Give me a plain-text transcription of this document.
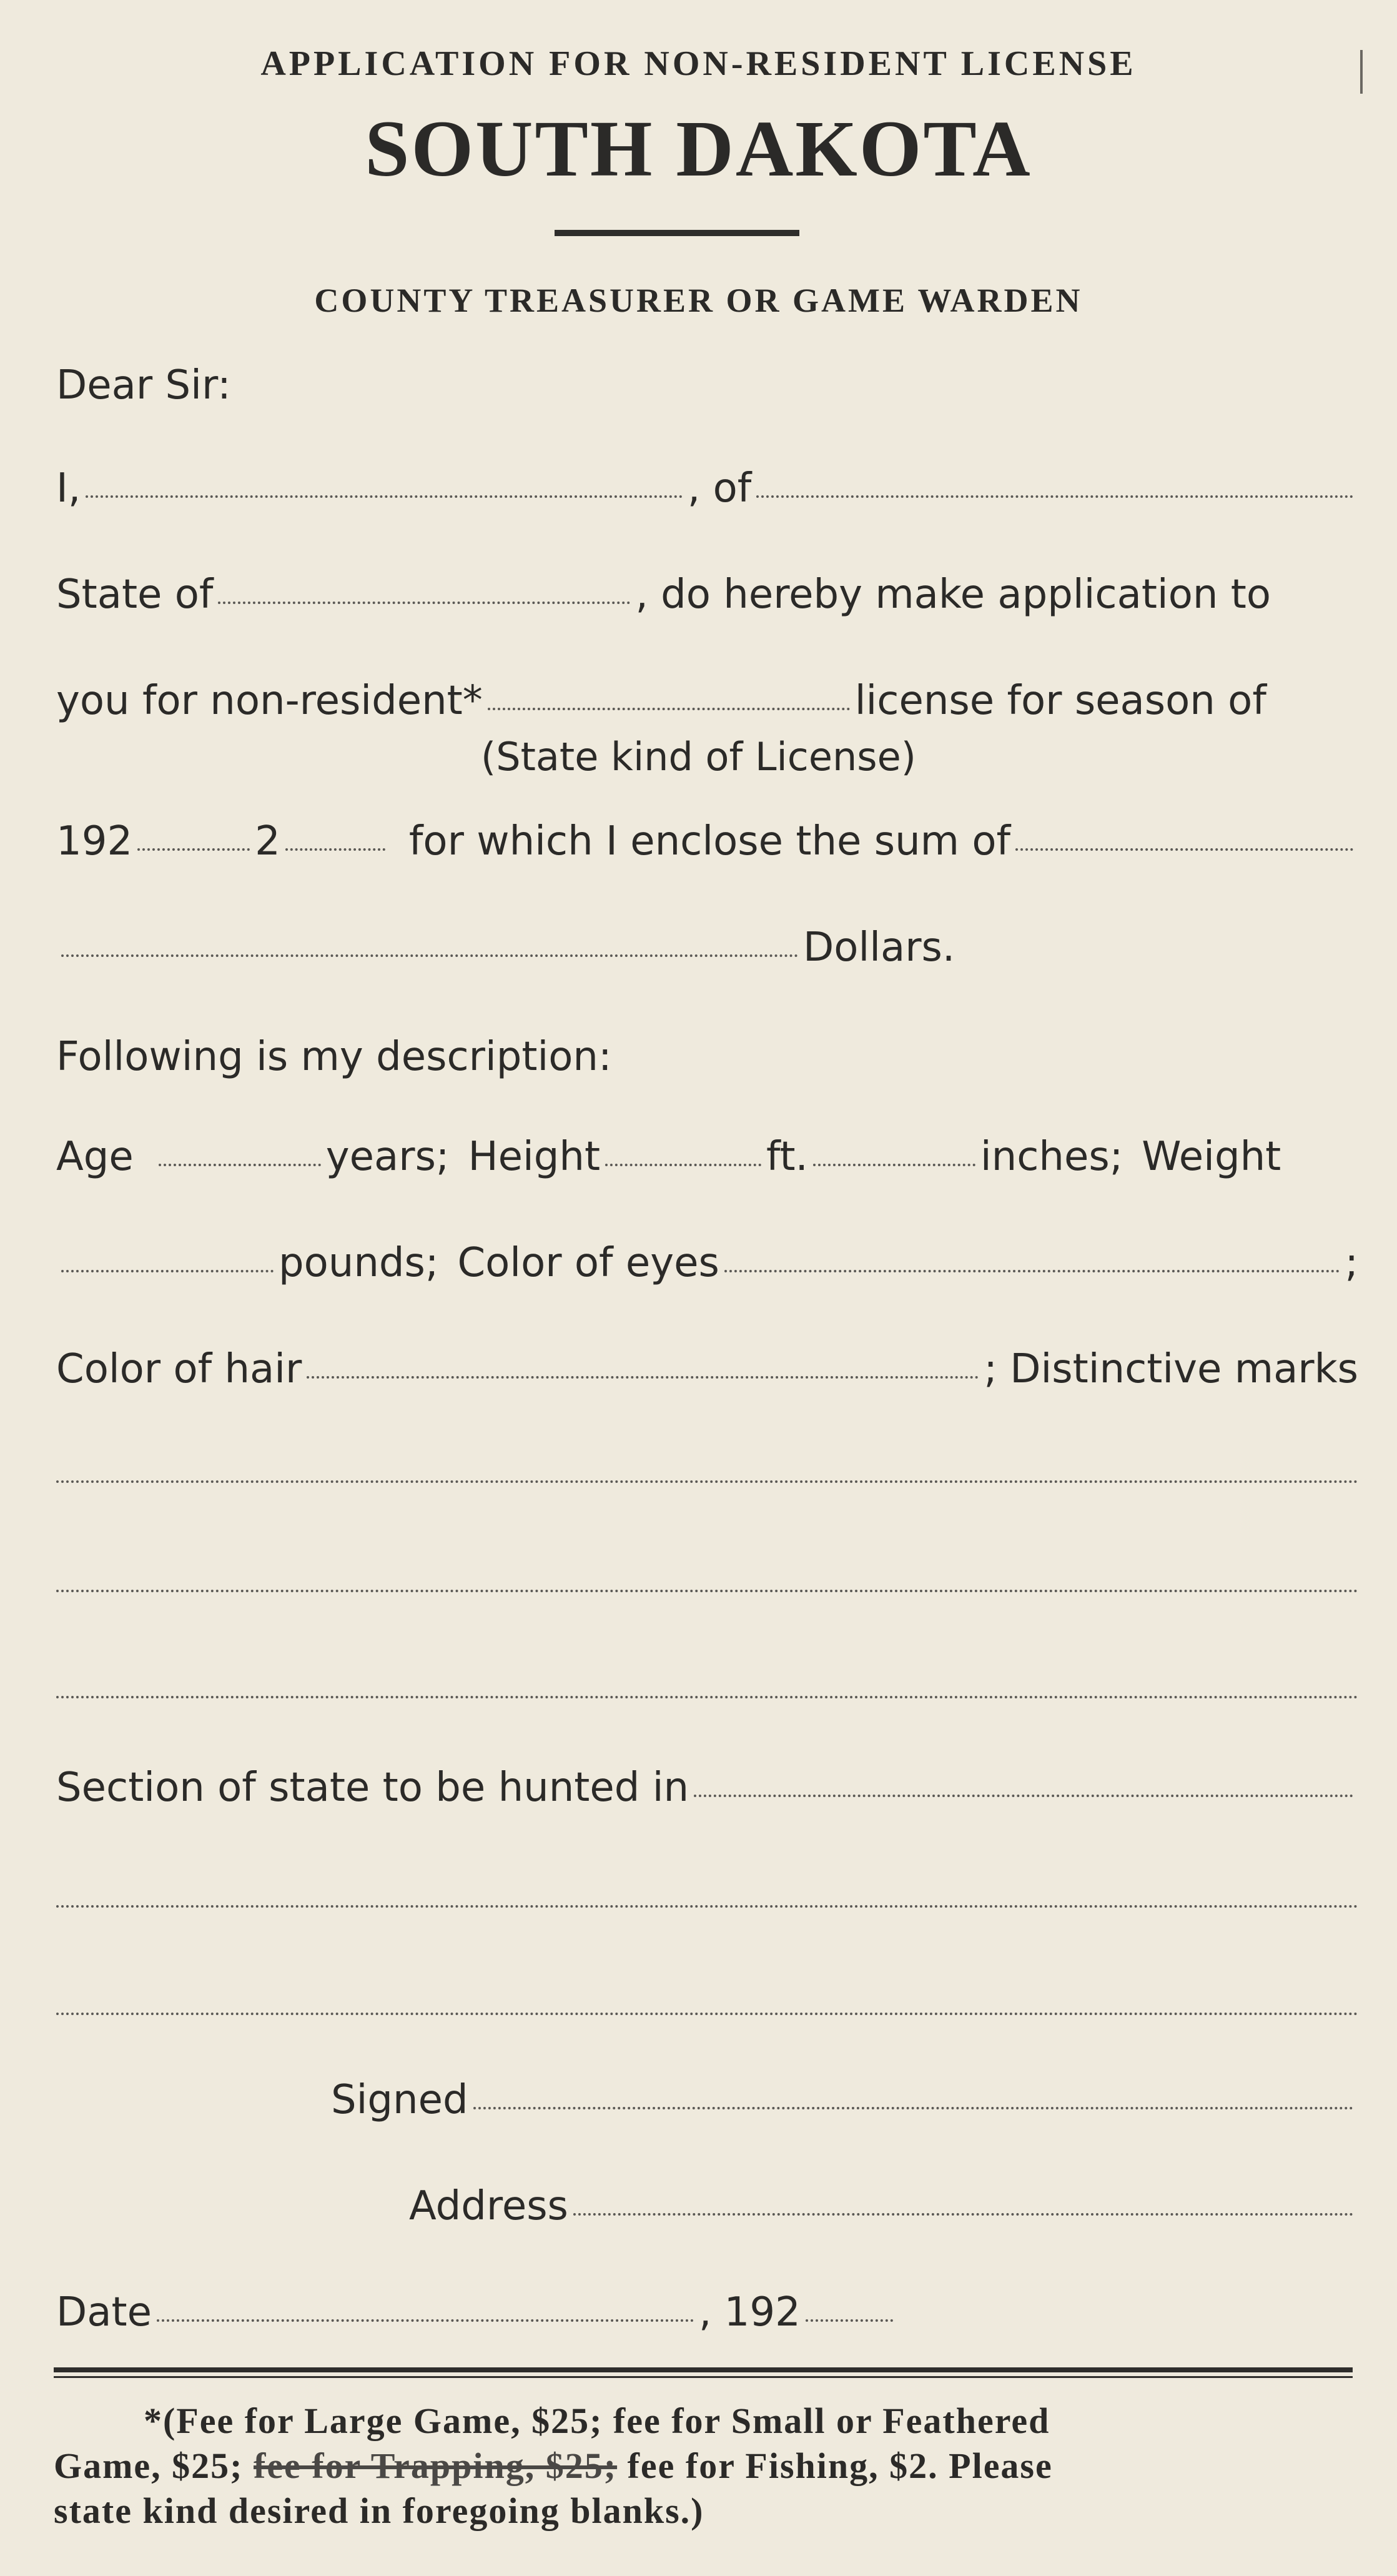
APPLICATION FOR NON-RESIDENT LICENSE
SOUTH DAKOTA
COUNTY TREASURER OR GAME WARDEN
Dear Sir:
I,	, of
State of	, do hereby make application to
you for non-resident*	license for season of
(State kind of License)
192	2	for which I enclose the sum of
Dollars.
Following is my description:
Age	years; Height	ft.	inches; Weight
pounds; Color of eyes	;
Color of hair	; Distinctive marks
Section of state to be hunted in
Signed
Address
Date	, 192
*(Fee for Large Game, $25; fee for Small or Feathered
Game, $25; fee for Trapping, $25; fee for Fishing, $2. Please
state kind desired in foregoing blanks.)
